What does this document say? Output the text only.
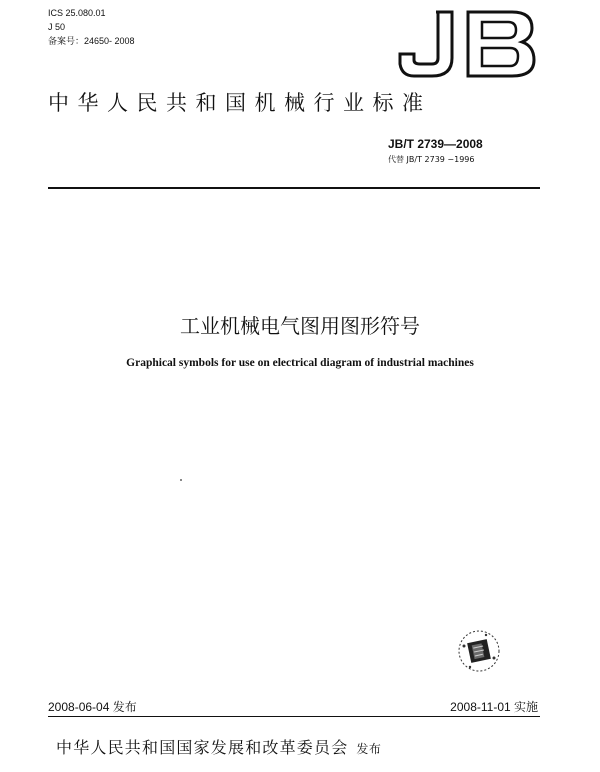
ICS 25.080.01
J 50
备案号：24650- 2008
中华人民共和国机械行业标准
JB/T 2739—2008
代替 JB/T 2739 −1996
工业机械电气图用图形符号
Graphical symbols for use on electrical diagram of industrial machines
2008-06-04 发布	2008-11-01 实施
中华人民共和国国家发展和改革委员会 发布
